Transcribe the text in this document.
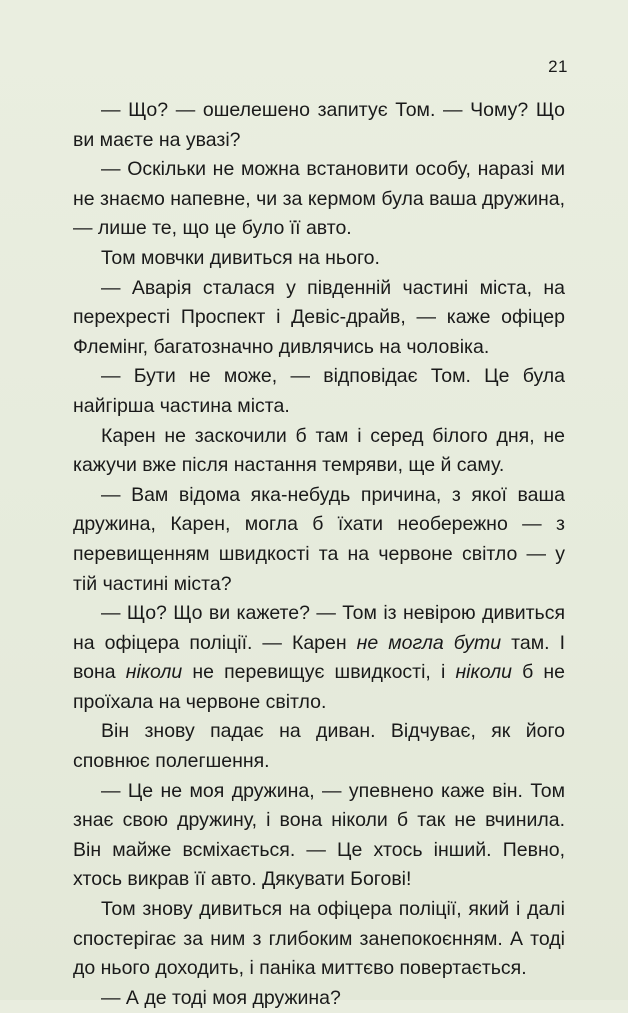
21

— Що? — ошелешено запитує Том. — Чому? Що ви маєте на увазі?

— Оскільки не можна встановити особу, наразі ми не знаємо напевне, чи за кермом була ваша дружина, — лише те, що це було її авто.

Том мовчки дивиться на нього.

— Аварія сталася у південній частині міста, на перехресті Проспект і Девіс-драйв, — каже офіцер Флемінг, багатозначно дивлячись на чоловіка.

— Бути не може, — відповідає Том. Це була найгірша частина міста.

Карен не заскочили б там і серед білого дня, не кажучи вже після настання темряви, ще й саму.

— Вам відома яка-небудь причина, з якої ваша дружина, Карен, могла б їхати необережно — з перевищенням швидкості та на червоне світло — у тій частині міста?

— Що? Що ви кажете? — Том із невірою дивиться на офіцера поліції. — Карен не могла бути там. І вона ніколи не перевищує швидкості, і ніколи б не проїхала на червоне світло.

Він знову падає на диван. Відчуває, як його сповнює полегшення.

— Це не моя дружина, — упевнено каже він. Том знає свою дружину, і вона ніколи б так не вчинила. Він майже всміхається. — Це хтось інший. Певно, хтось викрав її авто. Дякувати Богові!

Том знову дивиться на офіцера поліції, який і далі спостерігає за ним з глибоким занепокоєнням. А тоді до нього доходить, і паніка миттєво повертається.

— А де тоді моя дружина?
